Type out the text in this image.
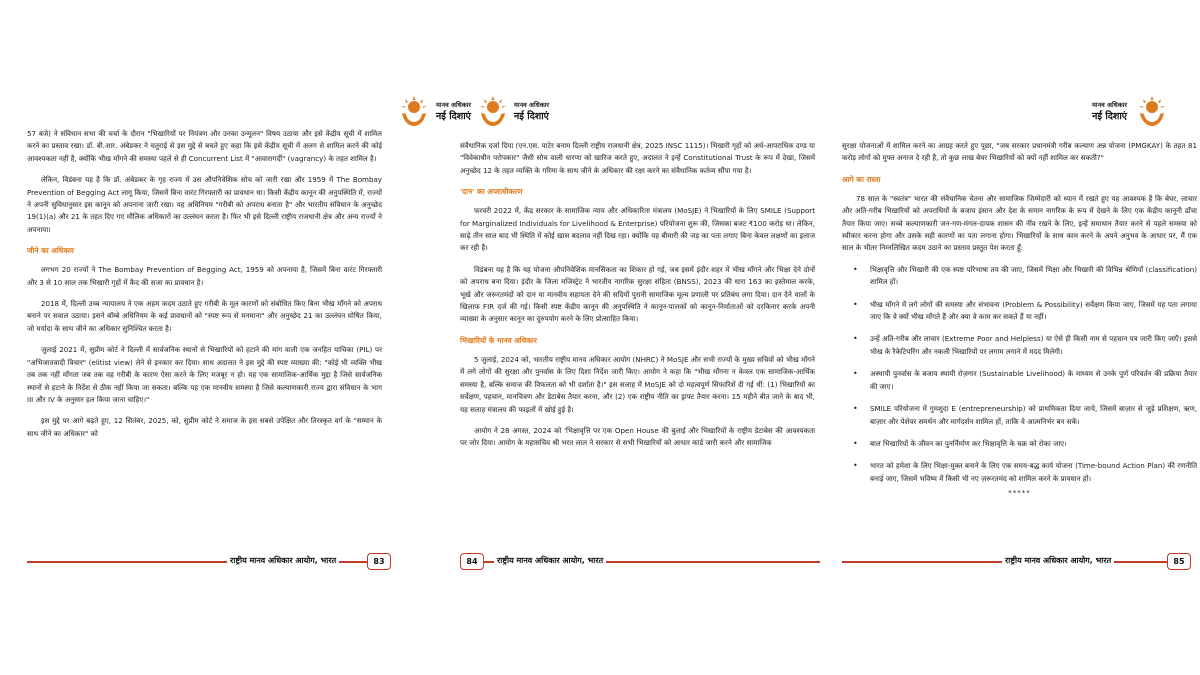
मानव अधिकार
नई दिशाएं
मानव अधिकार
नई दिशाएं
मानव अधिकार
नई दिशाएं

57 बजे) ने संविधान सभा की चर्चा के दौरान "भिखारियों पर नियंत्रण और उनका उन्मूलन" विषय उठाया और इसे केंद्रीय सूची में शामिल करने का प्रस्ताव रखा। डॉ. बी.आर. अंबेडकर ने चतुराई से इस मुद्दे से बचते हुए कहा कि इसे केंद्रीय सूची में अलग से शामिल करने की कोई आवश्यकता नहीं है, क्योंकि भीख माँगने की समस्या पहले से ही Concurrent List में "आवारागर्दी" (vagrancy) के तहत शामिल है।

लेकिन, विडंबना यह है कि डॉ. अंबेडकर के गृह राज्य में उस औपनिवेशिक सोच को जारी रखा और 1959 में The Bombay Prevention of Begging Act लागू किया, जिसमें बिना वारंट गिरफ्तारी का प्रावधान था। किसी केंद्रीय कानून की अनुपस्थिति में, राज्यों ने अपनी सुविधानुसार इस कानून को अपनाना जारी रखा। यह अधिनियम "गरीबी को अपराध बनाता है" और भारतीय संविधान के अनुच्छेद 19(1)(a) और 21 के तहत दिए गए मौलिक अधिकारों का उल्लंघन करता है। फिर भी इसे दिल्ली राष्ट्रीय राजधानी क्षेत्र और अन्य राज्यों ने अपनाया।

जीने का अधिकार

लगभग 20 राज्यों ने The Bombay Prevention of Begging Act, 1959 को अपनाया है, जिसमें बिना वारंट गिरफ्तारी और 3 से 10 साल तक भिखारी गृहों में कैद की सजा का प्रावधान है।

2018 में, दिल्ली उच्च न्यायालय ने एक अहम कदम उठाते हुए गरीबी के मूल कारणों को संबोधित किए बिना भीख माँगने को अपराध बनाने पर सवाल उठाया। इसने बॉम्बे अधिनियम के कई प्रावधानों को "स्पष्ट रूप से मनमाना" और अनुच्छेद 21 का उल्लंघन घोषित किया, जो मर्यादा के साथ जीने का अधिकार सुनिश्चित करता है।

जुलाई 2021 में, सुप्रीम कोर्ट ने दिल्ली में सार्वजनिक स्थानों से भिखारियों को हटाने की मांग वाली एक जनहित याचिका (PIL) पर "अभिजातवादी विचार" (elitist view) लेने से इनकार कर दिया। साथ अदालत ने इस मुद्दे की स्पष्ट व्याख्या की: "कोई भी व्यक्ति भीख तब तक नहीं माँगता जब तक वह गरीबी के कारण ऐसा करने के लिए मजबूर न हो। यह एक सामाजिक-आर्थिक मुद्दा है जिसे सार्वजनिक स्थानों से हटाने के निर्देश से ठीक नहीं किया जा सकता। बल्कि यह एक मानवीय समस्या है जिसे कल्याणकारी राज्य द्वारा संविधान के भाग III और IV के अनुसार हल किया जाना चाहिए।"

इस मुद्दे पर आगे बढ़ते हुए, 12 सितंबर, 2025, को, सुप्रीम कोर्ट ने समाज के इस सबसे उपेक्षित और तिरस्कृत वर्ग के "सम्मान के साथ जीने का अधिकार" को

संवैधानिक दर्जा दिया (एन.एस. पाटेर बनाम दिल्ली राष्ट्रीय राजधानी क्षेत्र, 2025 INSC 1115)। भिखारी गृहों को अर्ध-आपराधिक दण्ड या "विवेकाधीन परोपकार" जैसी सोच वाली धारणा को खारिज करते हुए, अदालत ने इन्हें Constitutional Trust के रूप में देखा, जिसमें अनुच्छेद 12 के तहत व्यक्ति के गरिमा के साथ जीने के अधिकार की रक्षा करने का संवैधानिक कर्तव्य सौंपा गया है।

'दान' का अपराधीकरण

फरवरी 2022 में, केंद्र सरकार के सामाजिक न्याय और अधिकारिता मंत्रालय (MoSJE) ने भिखारियों के लिए SMILE (Support for Marginalized Individuals for Livelihood & Enterprise) परियोजना शुरू की, जिसका बजट ₹100 करोड़ था। लेकिन, साढ़े तीन साल बाद भी स्थिति में कोई खास बदलाव नहीं दिख रहा। क्योंकि यह बीमारी की जड़ का पता लगाए बिना केवल लक्षणों का इलाज कर रही है।

विडंबना यह है कि यह योजना औपनिवेशिक मानसिकता का शिकार हो गई, जब इसमें इंदौर शहर में भीख माँगने और भिक्षा देने दोनों को अपराध बना दिया। इंदौर के जिला मजिस्ट्रेट ने भारतीय नागरिक सुरक्षा संहिता (BNSS), 2023 की धारा 163 का इस्तेमाल करके, भूखे और जरूरतमंदों को दान या मानवीय सहायता देने की सदियों पुरानी सामाजिक मूल्य प्रणाली पर प्रतिबंध लगा दिया। दान देने वालों के खिलाफ FIR दर्ज की गई। किसी स्पष्ट केंद्रीय कानून की अनुपस्थिति ने कानून-पालकों को कानून-निर्माताओं को दरकिनार करके अपनी व्याख्या के अनुसार कानून का दुरुपयोग करने के लिए प्रोत्साहित किया।

भिखारियों के मानव अधिकार

5 जुलाई, 2024 को, भारतीय राष्ट्रीय मानव अधिकार आयोग (NHRC) ने MoSJE और सभी राज्यों के मुख्य सचिवों को भीख माँगने में लगे लोगों की सुरक्षा और पुनर्वास के लिए दिशा निर्देश जारी किए। आयोग ने कहा कि "भीख माँगना न केवल एक सामाजिक-आर्थिक समस्या है, बल्कि समाज की विफलता को भी दर्शाता है।" इस सलाह में MoSJE को दो महत्वपूर्ण सिफारिशें दी गई थीं: (1) भिखारियों का सर्वेक्षण, पहचान, मानचित्रण और डेटाबेस तैयार करना, और (2) एक राष्ट्रीय नीति का ड्राफ्ट तैयार करना। 15 महीने बीत जाने के बाद भी, यह सलाह मंत्रालय की फाइलों में खोई हुई है।

आयोग ने 28 अगस्त, 2024 को 'भिक्षावृत्ति पर एक Open House की बुलाई और भिखारियों के राष्ट्रीय डेटाबेस की आवश्यकता पर जोर दिया। आयोग के महासचिव श्री भरत लाल ने सरकार से सभी भिखारियों को आधार कार्ड जारी करने और सामाजिक

सुरक्षा योजनाओं में शामिल करने का आग्रह करते हुए पूछा, "जब सरकार प्रधानमंत्री गरीब कल्याण अन्न योजना (PMGKAY) के तहत 81 करोड़ लोगों को मुफ्त अनाज दे रही है, तो कुछ लाख बेघर भिखारियों को क्यों नहीं शामिल कर सकती?"

आगे का रास्ता

78 साल के "स्वतंत्र" भारत की संवैधानिक चेतना और सामाजिक जिम्मेदारी को ध्यान में रखते हुए यह आवश्यक है कि बेघर, लाचार और अति-गरीब भिखारियों को अपराधियों के बजाय इंसान और देश के समान नागरिक के रूप में देखने के लिए एक केंद्रीय कानूनी ढाँचा तैयार किया जाए। सच्चे कल्याणकारी जन-गण-मंगल-दायक शासन की नींव रखने के लिए, इन्हें समाधान तैयार करने से पहले समस्या को स्वीकार करना होगा और उसके सही कारणों का पता लगाना होगा। भिखारियों के साथ काम करने के अपने अनुभव के आधार पर, मैं एक साल के भीतर निम्नलिखित कदम उठाने का प्रस्ताव प्रस्तुत पेश करता हूँ:

• भिक्षावृत्ति और भिखारी की एक स्पष्ट परिभाषा तय की जाए, जिसमें भिक्षा और भिखारी की विभिन्न श्रेणियाँ (classification) शामिल हों।
• भीख माँगने में लगे लोगों की समस्या और संभावना (Problem & Possibility) सर्वेक्षण किया जाए, जिसमें यह पता लगाया जाए कि वे क्यों भीख माँगते हैं और क्या वे काम कर सकते हैं या नहीं।
• उन्हें अति-गरीब और लाचार (Extreme Poor and Helpless) या ऐसे ही किसी नाम से पहचान पत्र जारी किए जाएँ। इससे भीख के रैकेटियरिंग और नकली भिखारियों पर लगाम लगाने में मदद मिलेगी।
• अस्थायी पुनर्वास के बजाय स्थायी रोज़गार (Sustainable Livelihood) के माध्यम से उनके पूर्ण परिवर्तन की प्रक्रिया तैयार की जाए।
• SMILE परियोजना में गुमशुदा E (entrepreneurship) को प्राथमिकता दिया जाये, जिसमें बाज़ार से जुड़े प्रशिक्षण, ऋण, बाज़ार और पेशेवर समर्थन और मार्गदर्शन शामिल हों, ताकि वे आत्मनिर्भर बन सकें।
• बाल भिखारियों के जीवन का पुनर्निर्माण कर भिक्षावृत्ति के चक्र को रोका जाए।
• भारत को हमेशा के लिए भिक्षा-मुक्त बनाने के लिए एक समय-बद्ध कार्य योजना (Time-bound Action Plan) की रणनीति बनाई जाए, जिसमें भविष्य में किसी भी नए ज़रूरतमंद को शामिल करने के प्रावधान हों।
*****
राष्ट्रीय मानव अधिकार आयोग, भारत	83	84	राष्ट्रीय मानव अधिकार आयोग, भारत	राष्ट्रीय मानव अधिकार आयोग, भारत	85
